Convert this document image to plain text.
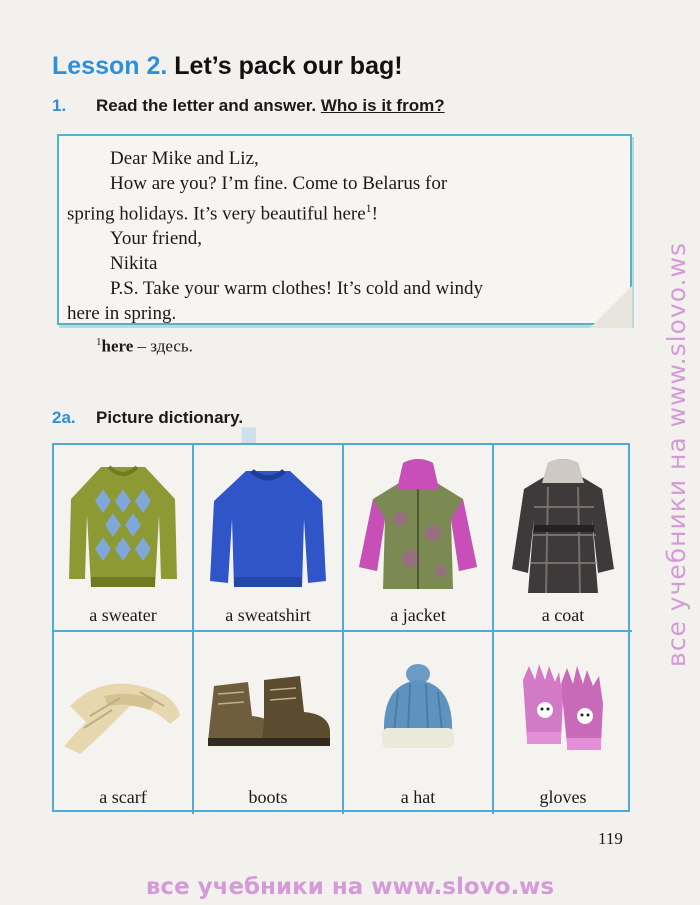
Lesson 2. Let’s pack our bag!
1. Read the letter and answer. Who is it from?
Dear Mike and Liz,
How are you? I’m fine. Come to Belarus for
spring holidays. It’s very beautiful here$^1$!
Your friend,
Nikita
P.S. Take your warm clothes! It’s cold and windy
here in spring.
$^1$here – здесь.
2a. Picture dictionary.
a sweater	a sweatshirt	a jacket	a coat
a scarf	boots	a hat	gloves
119
все учебники на www.slovo.ws
все учебники на www.slovo.ws
